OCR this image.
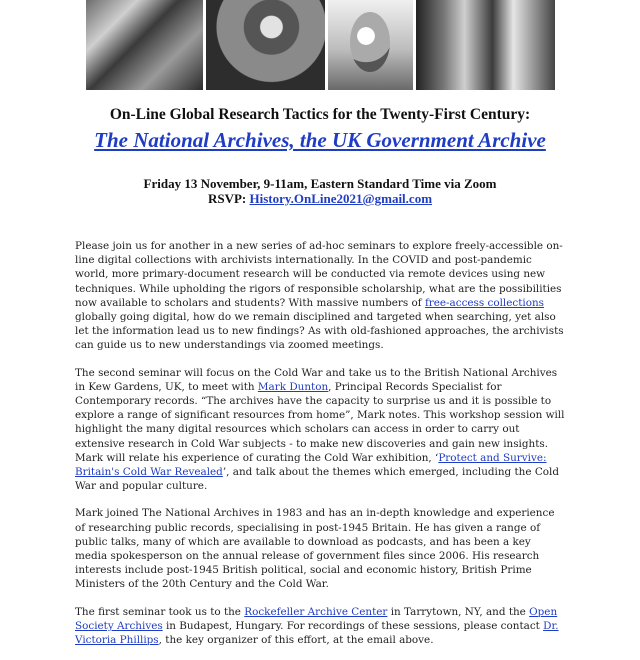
On-Line Global Research Tactics for the Twenty-First Century:
The National Archives, the UK Government Archive
Friday 13 November, 9-11am, Eastern Standard Time via Zoom
RSVP: History.OnLine2021@gmail.com

Please join us for another in a new series of ad-hoc seminars to explore freely-accessible on-line digital collections with archivists internationally. In the COVID and post-pandemic world, more primary-document research will be conducted via remote devices using new techniques. While upholding the rigors of responsible scholarship, what are the possibilities now available to scholars and students? With massive numbers of free-access collections globally going digital, how do we remain disciplined and targeted when searching, yet also let the information lead us to new findings? As with old-fashioned approaches, the archivists can guide us to new understandings via zoomed meetings.

The second seminar will focus on the Cold War and take us to the British National Archives in Kew Gardens, UK, to meet with Mark Dunton, Principal Records Specialist for Contemporary records. “The archives have the capacity to surprise us and it is possible to explore a range of significant resources from home”, Mark notes. This workshop session will highlight the many digital resources which scholars can access in order to carry out extensive research in Cold War subjects - to make new discoveries and gain new insights. Mark will relate his experience of curating the Cold War exhibition, ‘Protect and Survive: Britain's Cold War Revealed’, and talk about the themes which emerged, including the Cold War and popular culture.

Mark joined The National Archives in 1983 and has an in-depth knowledge and experience of researching public records, specialising in post-1945 Britain. He has given a range of public talks, many of which are available to download as podcasts, and has been a key media spokesperson on the annual release of government files since 2006. His research interests include post-1945 British political, social and economic history, British Prime Ministers of the 20th Century and the Cold War.

The first seminar took us to the Rockefeller Archive Center in Tarrytown, NY, and the Open Society Archives in Budapest, Hungary. For recordings of these sessions, please contact Dr. Victoria Phillips, the key organizer of this effort, at the email above.
